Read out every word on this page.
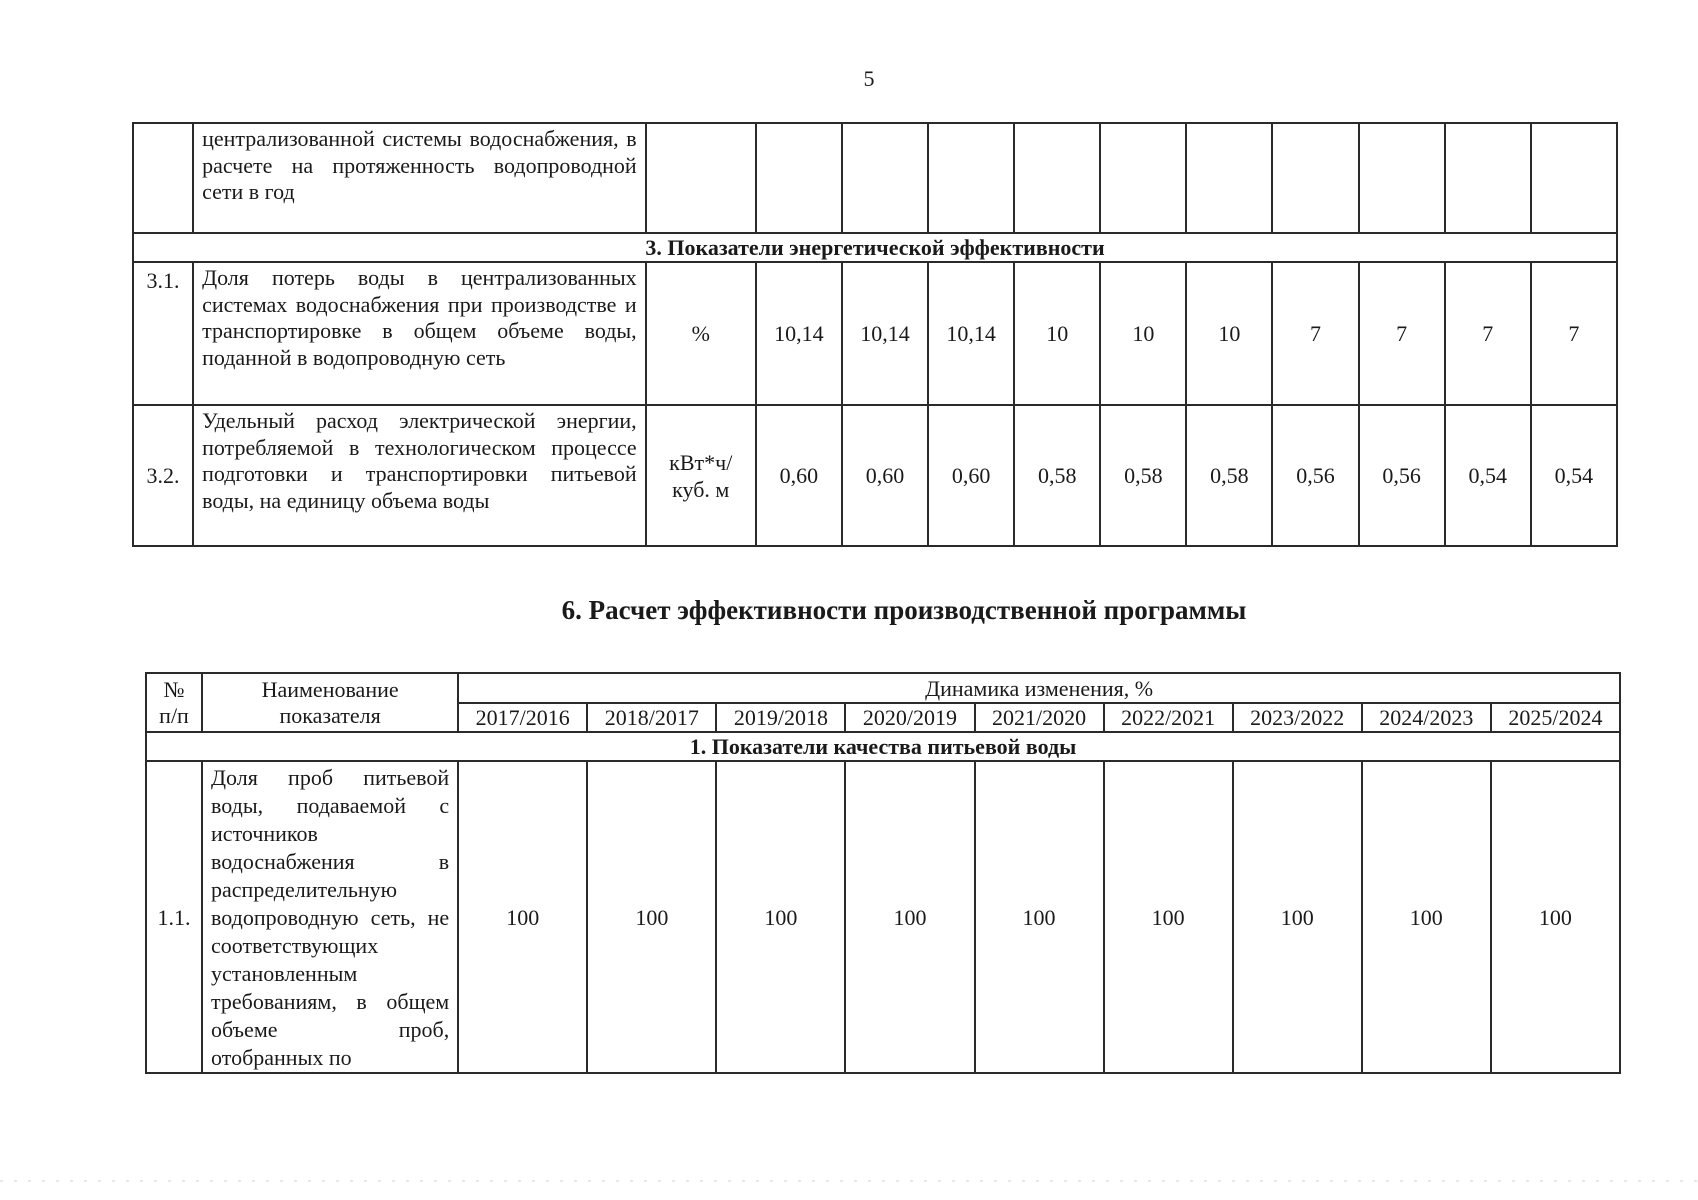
5
	централизованной системы водоснабжения, в расчете на протяженность водопроводной сети в год											
3. Показатели энергетической эффективности												
3.1.	Доля потерь воды в централизованных системах водоснабжения при производстве и транспортировке в общем объеме воды, поданной в водопроводную сеть	%	10,14	10,14	10,14	10	10	10	7	7	7	7
3.2.	Удельный расход электрической энергии, потребляемой в технологическом процессе подготовки и транспортировки питьевой воды, на единицу объема воды	кВт*ч/ куб. м	0,60	0,60	0,60	0,58	0,58	0,58	0,56	0,56	0,54	0,54
6. Расчет эффективности производственной программы
№ п/п	Наименование показателя	Динамика изменения, %								
		2017/2016	2018/2017	2019/2018	2020/2019	2021/2020	2022/2021	2023/2022	2024/2023	2025/2024
1. Показатели качества питьевой воды										
1.1.	Доля проб питьевой воды, подаваемой с источников водоснабжения в распределительную водопроводную сеть, не соответствующих установленным требованиям, в общем объеме проб, отобранных по	100	100	100	100	100	100	100	100	100
